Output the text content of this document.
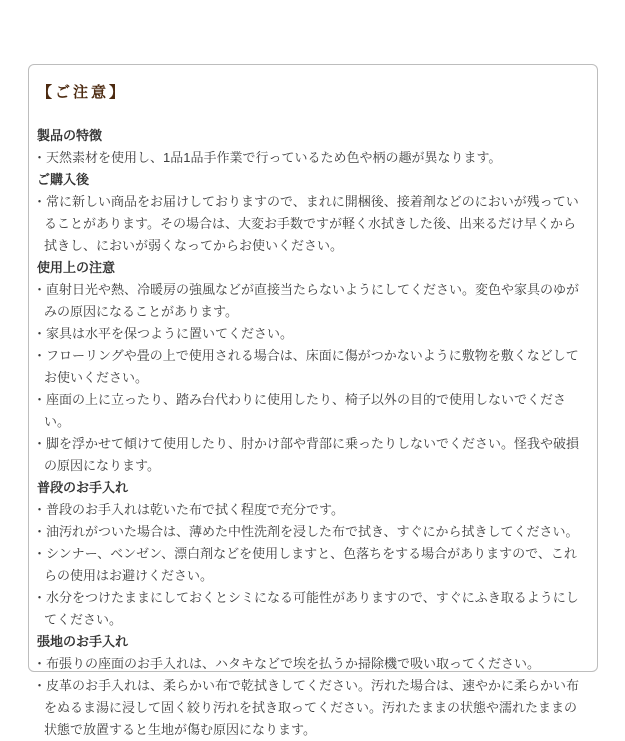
【ご注意】
製品の特徴

・天然素材を使用し、1品1品手作業で行っているため色や柄の趣が異なります。

ご購入後

・常に新しい商品をお届けしておりますので、まれに開梱後、接着剤などのにおいが残っていることがあります。その場合は、大変お手数ですが軽く水拭きした後、出来るだけ早くから拭きし、においが弱くなってからお使いください。

使用上の注意

・直射日光や熱、冷暖房の強風などが直接当たらないようにしてください。変色や家具のゆがみの原因になることがあります。

・家具は水平を保つように置いてください。

・フローリングや畳の上で使用される場合は、床面に傷がつかないように敷物を敷くなどしてお使いください。

・座面の上に立ったり、踏み台代わりに使用したり、椅子以外の目的で使用しないでください。

・脚を浮かせて傾けて使用したり、肘かけ部や背部に乗ったりしないでください。怪我や破損の原因になります。

普段のお手入れ

・普段のお手入れは乾いた布で拭く程度で充分です。

・油汚れがついた場合は、薄めた中性洗剤を浸した布で拭き、すぐにから拭きしてください。

・シンナー、ベンゼン、漂白剤などを使用しますと、色落ちをする場合がありますので、これらの使用はお避けください。

・水分をつけたままにしておくとシミになる可能性がありますので、すぐにふき取るようにしてください。

張地のお手入れ

・布張りの座面のお手入れは、ハタキなどで埃を払うか掃除機で吸い取ってください。

・皮革のお手入れは、柔らかい布で乾拭きしてください。汚れた場合は、速やかに柔らかい布をぬるま湯に浸して固く絞り汚れを拭き取ってください。汚れたままの状態や濡れたままの状態で放置すると生地が傷む原因になります。
